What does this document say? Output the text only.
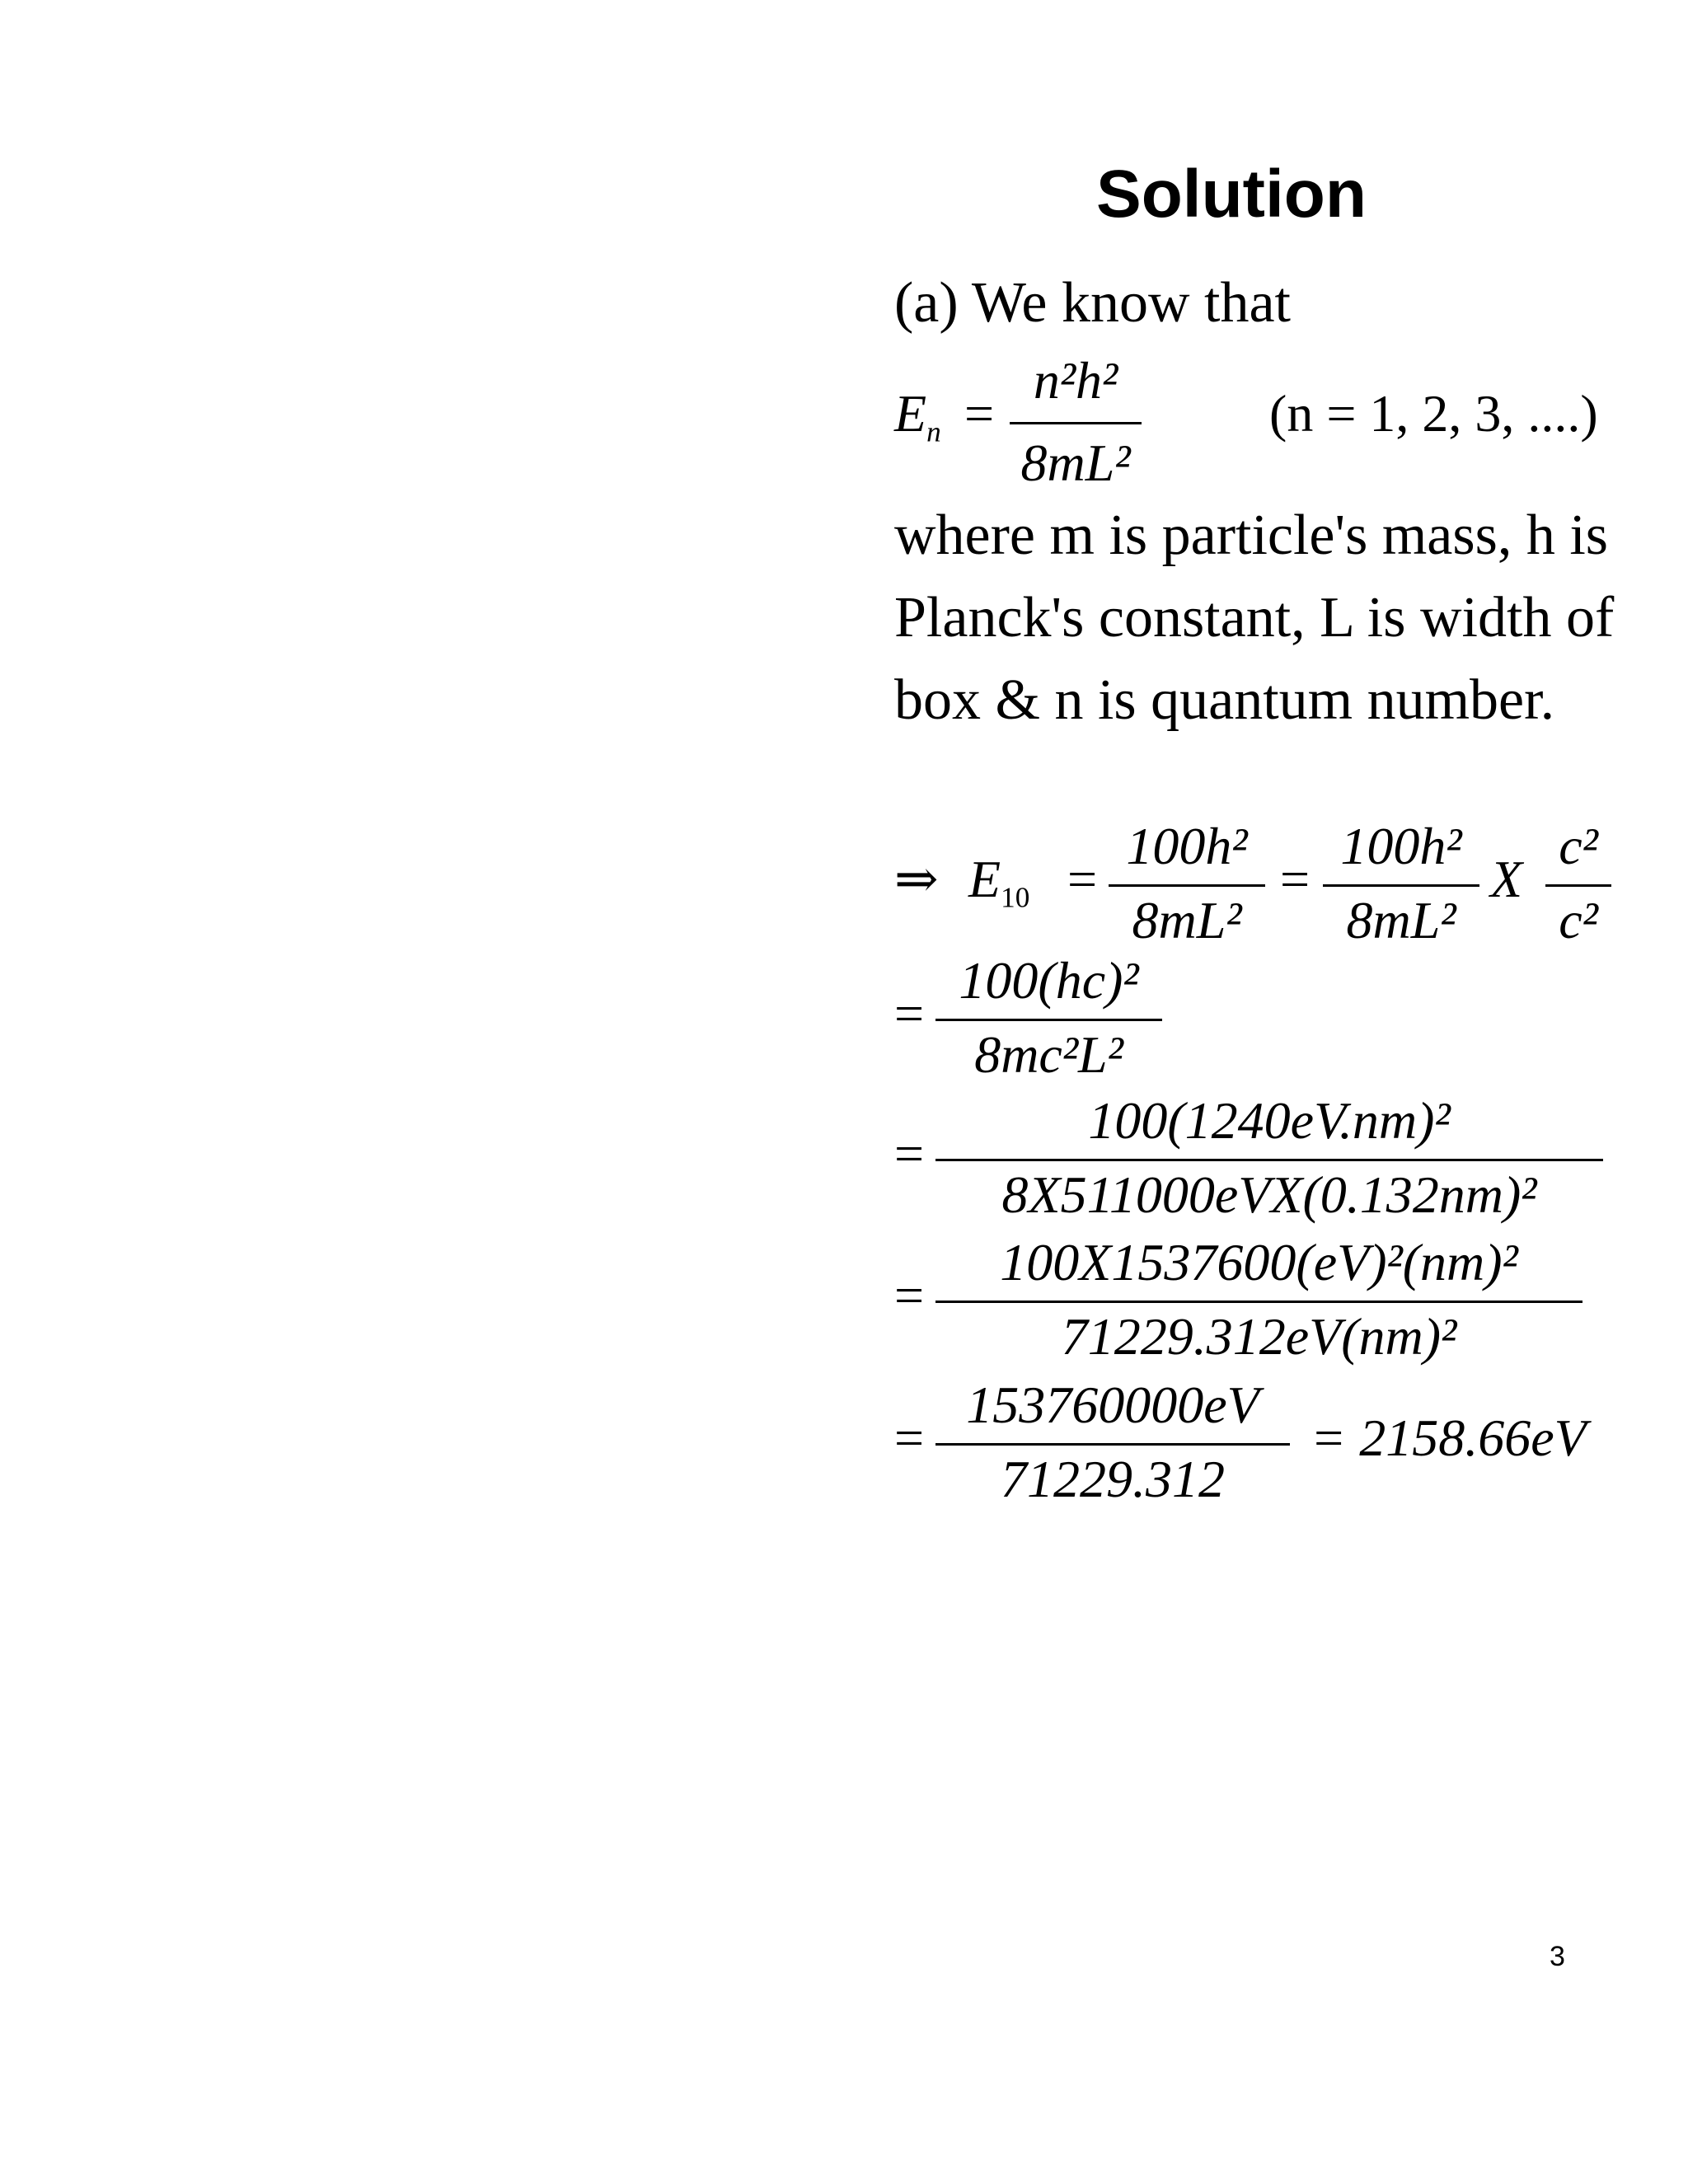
Solution
(a) We know that
$E_n$ =
n²h²
8mL²
(n = 1, 2, 3, ....)
where m is particle's mass, h is
Planck's constant, L is width of
box & n is quantum number.
⇒ $E_{10}$ =
100h²
8mL²
=
100h²
8mL²
X
c²
c²
=
100(hc)²
8mc²L²
=
100(1240eV.nm)²
8X511000eVX(0.132nm)²
=
100X1537600(eV)²(nm)²
71229.312eV(nm)²
=
153760000eV
71229.312
= 2158.66eV
3
